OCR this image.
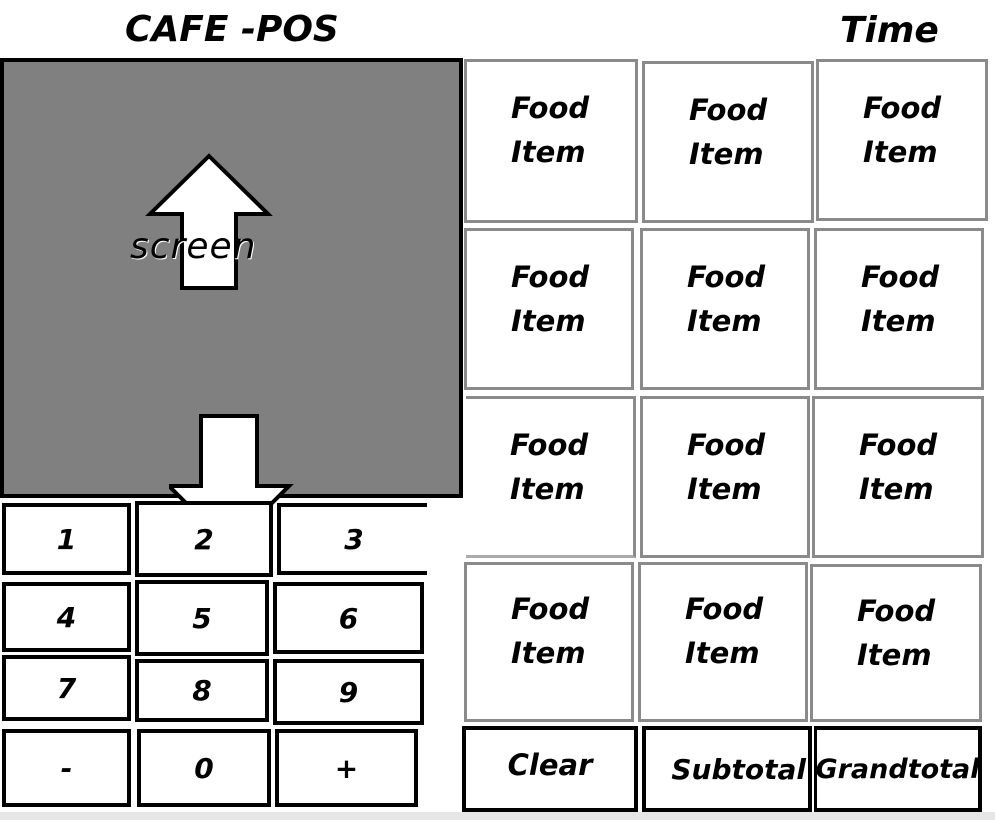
CAFE -POS	Time
screen
1	2	3
4	5	6
7	8	9
-	0	+
Food
Item
Food
Item
Food
Item
Food
Item
Food
Item
Food
Item
Food
Item
Food
Item
Food
Item
Food
Item
Food
Item
Food
Item
Clear	Subtotal Grandtotal
